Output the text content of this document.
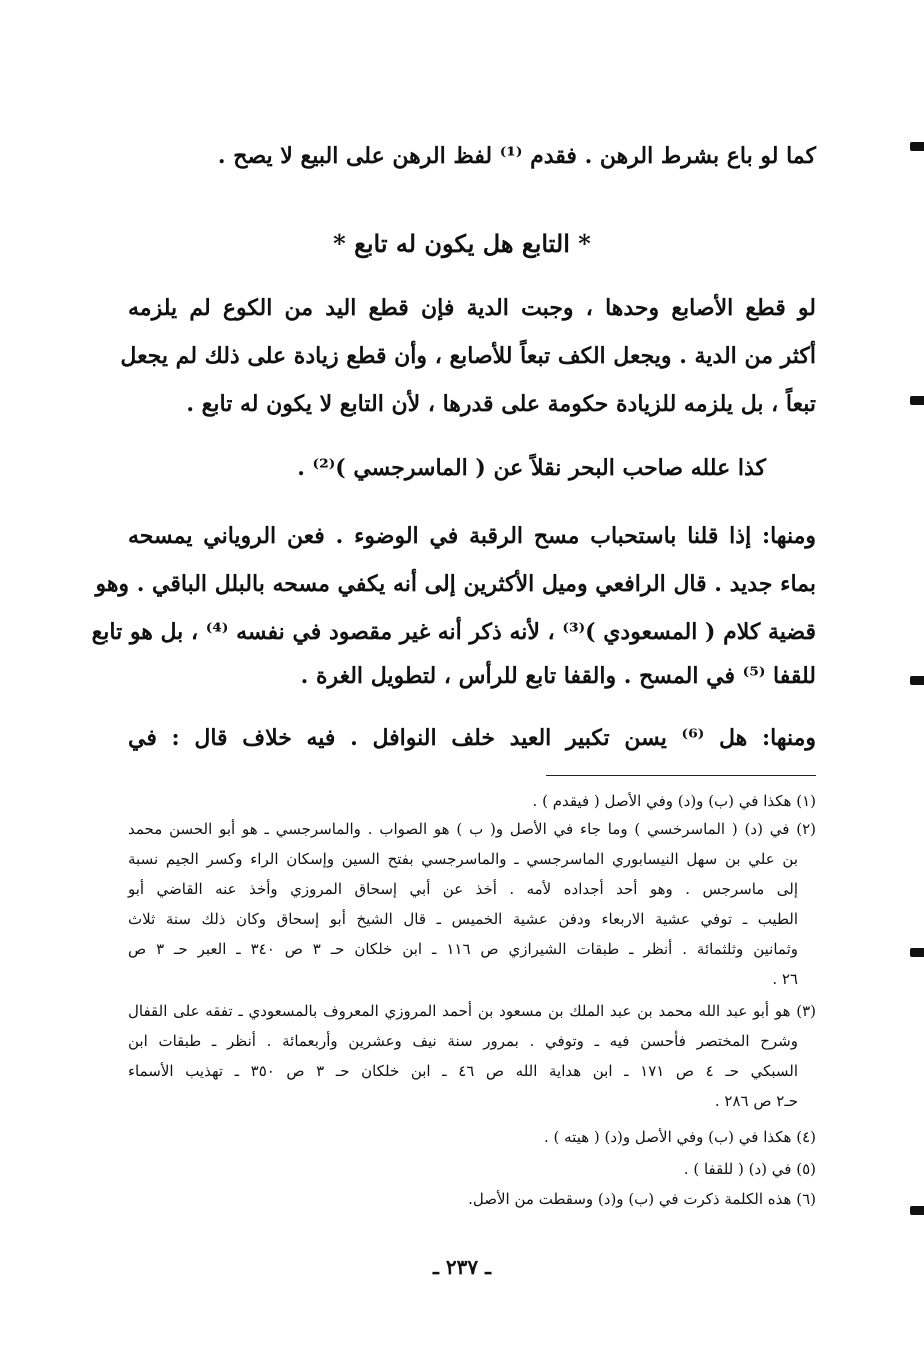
كما لو باع بشرط الرهن . فقدم ⁽¹⁾ لفظ الرهن على البيع لا يصح .
* التابع هل يكون له تابع *
لو قطع الأصابع وحدها ، وجبت الدية فإن قطع اليد من الكوع لم يلزمه
أكثر من الدية . ويجعل الكف تبعاً للأصابع ، وأن قطع زيادة على ذلك لم يجعل
تبعاً ، بل يلزمه للزيادة حكومة على قدرها ، لأن التابع لا يكون له تابع .
كذا علله صاحب البحر نقلاً عن ( الماسرجسي )⁽²⁾ .
ومنها: إذا قلنا باستحباب مسح الرقبة في الوضوء . فعن الروياني يمسحه
بماء جديد . قال الرافعي وميل الأكثرين إلى أنه يكفي مسحه بالبلل الباقي . وهو
قضية كلام ( المسعودي )⁽³⁾ ، لأنه ذكر أنه غير مقصود في نفسه ⁽⁴⁾ ، بل هو تابع
للقفا ⁽⁵⁾ في المسح . والقفا تابع للرأس ، لتطويل الغرة .
ومنها: هل ⁽⁶⁾ يسن تكبير العيد خلف النوافل . فيه خلاف قال : في
(١) هكذا في (ب) و(د) وفي الأصل ( فيقدم ) .
(٢) في (د) ( الماسرخسي ) وما جاء في الأصل و( ب ) هو الصواب . والماسرجسي ـ هو أبو الحسن محمد
بن علي بن سهل النيسابوري الماسرجسي ـ والماسرجسي بفتح السين وإسكان الراء وكسر الجيم نسبة
إلى ماسرجس . وهو أحد أجداده لأمه . أخذ عن أبي إسحاق المروزي وأخذ عنه القاضي أبو
الطيب ـ توفي عشية الاربعاء ودفن عشية الخميس ـ قال الشيخ أبو إسحاق وكان ذلك سنة ثلاث
وثمانين وثلثمائة . أنظر ـ طبقات الشيرازي ص ١١٦ ـ ابن خلكان حـ ٣ ص ٣٤٠ ـ العبر حـ ٣ ص
٢٦ .
(٣) هو أبو عبد الله محمد بن عبد الملك بن مسعود بن أحمد المروزي المعروف بالمسعودي ـ تفقه على القفال
وشرح المختصر فأحسن فيه ـ وتوفي . بمرور سنة نيف وعشرين وأربعمائة . أنظر ـ طبقات ابن
السبكي حـ ٤ ص ١٧١ ـ ابن هداية الله ص ٤٦ ـ ابن خلكان حـ ٣ ص ٣٥٠ ـ تهذيب الأسماء
حـ٢ ص ٢٨٦ .
(٤) هكذا في (ب) وفي الأصل و(د) ( هيته ) .
(٥) في (د) ( للقفا ) .
(٦) هذه الكلمة ذكرت في (ب) و(د) وسقطت من الأصل.
ـ ٢٣٧ ـ
